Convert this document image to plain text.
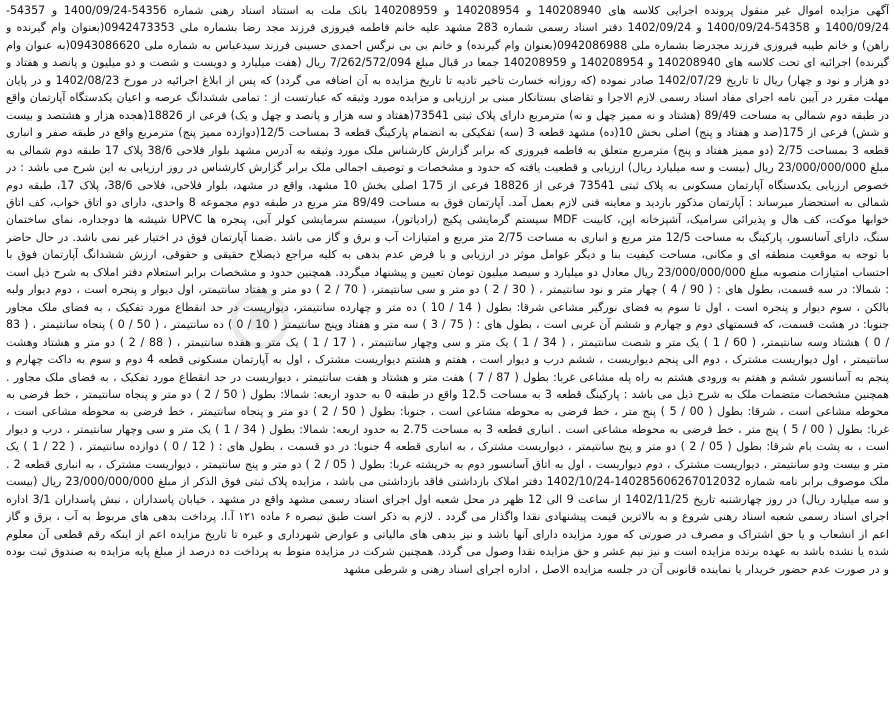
آگهی مزایده اموال غیر منقول پرونده اجرایی کلاسه های 140208940 و 140208954 و 140208959 بانک ملت به استناد اسناد رهنی شماره 54356-1400/09/24 و 54357-1400/09/24 و 54358-1400/09/24 و 1402/09/24 دفتر اسناد رسمی شماره 283 مشهد علیه خانم فاطمه فیروزی فرزند مجد رضا بشماره ملی 0942473353(بعنوان وام گیرنده و راهن) و خانم طیبه فیروزی فرزند مجدرضا بشماره ملی 0942086988(بعنوان وام گیرنده) و خانم بی بی نرگس احمدی حسینی فرزند سیدعباس به شماره ملی 0943086620(به عنوان وام گیرنده) اجرائیه ای تحت کلاسه های 140208940 و 140208954 و 140208959 جمعا در قبال مبلغ 7/262/572/094 ریال (هفت میلیارد و دویست و شصت و دو میلیون و پانصد و هفتاد و دو هزار و نود و چهار) ریال تا تاریخ 1402/07/29 صادر نموده (که روزانه خسارت تاخیر تادیه تا تاریخ مزایده به آن اضافه می گردد) که پس از ابلاغ اجرائیه در مورخ 1402/08/23 و در پایان مهلت مقرر در آیین نامه اجرای مفاد اسناد رسمی لازم الاجرا و تقاضای بستانکار مبنی بر ارزیابی و مزایده مورد وثیقه که عبارتست از : تمامی ششدانگ عرصه و اعیان یکدستگاه آپارتمان واقع در طبقه دوم شمالی به مساحت 89/49 (هشتاد و نه ممیز چهل و نه) مترمربع دارای پلاک ثبتی 73541(هفتاد و سه هزار و پانصد و چهل و یک) فرعی از 18826(هجده هزار و هشتصد و بیست و شش) فرعی از 175(صد و هفتاد و پنج) اصلی بخش 10(ده) مشهد قطعه 3 (سه) تفکیکی به انضمام پارکینگ قطعه 3 بمساحت 12/5(دوازده ممیز پنج) مترمربع واقع در طبقه صفر و انباری قطعه 3 بمساحت 2/75 (دو ممیز هفتاد و پنج) مترمربع متعلق به فاطمه فیروزی که برابر گزارش کارشناس ملک مورد وثیقه به آدرس مشهد بلوار فلاحی 38/6 پلاک 17 طبقه دوم شمالی به مبلغ 23/000/000/000 ریال (بیست و سه میلیارد ریال) ارزیابی و قطعیت یافته که حدود و مشخصات و توصیف اجمالی ملک برابر گزارش کارشناس در روز ارزیابی به این شرح می باشد : در خصوص ارزیابی یکدستگاه آپارتمان مسکونی به پلاک ثبتی 73541 فرعی از 18826 فرعی از 175 اصلی بخش 10 مشهد، واقع در مشهد، بلوار فلاحی، فلاحی 38/6، پلاک 17، طبقه دوم شمالی به استحضار میرساند : آپارتمان مذکور بازدید و معاینه فنی لازم بعمل آمد. آپارتمان فوق به مساحت 89/49 متر مربع در طبقه دوم مجموعه 8 واحدی، دارای دو اتاق خواب، کف اتاق خوابها موکت، کف هال و پذیرائی سرامیک، آشپزخانه اپن، کابینت MDF سیستم گرمایشی پکیج (رادیاتور)، سیستم سرمایشی کولر آبی، پنجره ها UPVC شیشه ها دوجداره، نمای ساختمان سنگ، دارای آسانسور، پارکینگ به مساحت 12/5 متر مربع و انباری به مساحت 2/75 متر مربع و امتیازات آب و برق و گاز می باشد .ضمنا آپارتمان فوق در اختیار غیر نمی باشد. در حال حاضر با توجه به موقعیت منطقه ای و مکانی، مساحت کیفیت بنا و دیگر عوامل موثر در ارزیابی و با فرض عدم بدهی به کلیه مراجع ذیصلاح حقیقی و حقوقی، ارزش ششدانگ آپارتمان فوق با احتساب امتیازات منصوبه مبلغ 23/000/000/000 ریال معادل دو میلیارد و سیصد میلیون تومان تعیین و پیشنهاد میگردد. همچنین حدود و مشخصات برابر استعلام دفتر املاک به شرح ذیل است : شمالا: در سه قسمت، بطول های : ( 90 / 4 ) چهار متر و نود سانتیمتر ، ( 30 / 2 ) دو متر و سی سانتیمتر، ( 70 / 2 ) دو متر و هفتاد سانتیمتر، اول دیوار و پنجره است ، دوم دیوار ولبه بالکن ، سوم دیوار و پنجره است ، اول تا سوم به فضای نورگیر مشاعی شرقا: بطول ( 14 / 10 ) ده متر و چهارده سانتیمتر، دیواریست در حد انقطاع مورد تفکیک ، به فضای ملک مجاور جنوبا: در هشت قسمت، که قسمتهای دوم و چهارم و ششم آن غربی است ، بطول های : ( 75 / 3 ) سه متر و هفتاد وپنج سانتیمتر ( 10 / 0 ) ده سانتیمتر ، ( 50 / 0 ) پنجاه سانتیمتر ، ( 83 / 0 ) هشتاد وسه سانتیمتر، ( 60 / 1 ) یک متر و شصت سانتیمتر ، ( 34 / 1 ) یک متر و سی وچهار سانتیمتر ، ( 17 / 1 ) یک متر و هفده سانتیمتر ، ( 88 / 2 ) دو متر و هشتاد وهشت سانتیمتر ، اول دیواریست مشترک ، دوم الی پنجم دیواریست ، ششم درب و دیوار است ، هفتم و هشتم دیواریست مشترک ، اول به آپارتمان مسکونی قطعه 4 دوم و سوم به داکت چهارم و پنجم به آسانسور ششم و هفتم به ورودی هشتم به راه پله مشاعی غربا: بطول ( 87 / 7 ) هفت متر و هشتاد و هفت سانتیمتر ، دیواریست در حد انقطاع مورد تفکیک ، به فضای ملک مجاور . همچنین مشخصات متضمات ملک به شرح ذیل می باشد : پارکینگ قطعه 3 به مساحت 12.5 واقع در طبقه 0 به حدود اربعه: شمالا: بطول ( 50 / 2 ) دو متر و پنجاه سانتیمتر ، خط فرضی به محوطه مشاعی است ، شرقا: بطول ( 00 / 5 ) پنج متر ، خط فرضی به محوطه مشاعی است ، جنوبا: بطول ( 50 / 2 ) دو متر و پنجاه سانتیمتر ، خط فرضی به محوطه مشاعی است ، غربا: بطول ( 00 / 5 ) پنج متر ، خط فرضی به محوطه مشاعی است . انباری قطعه 3 به مساحت 2.75 به حدود اربعه: شمالا: بطول ( 34 / 1 ) یک متر و سی وچهار سانتیمتر ، درب و دیوار است ، به پشت بام شرقا: بطول ( 05 / 2 ) دو متر و پنج سانتیمتر ، دیواریست مشترک ، به انباری قطعه 4 جنوبا: در دو قسمت ، بطول های : ( 12 / 0 ) دوازده سانتیمتر ، ( 22 / 1 ) یک متر و بیست ودو سانتیمتر ، دیواریست مشترک ، دوم دیواریست ، اول به اتاق آسانسور دوم به خرپشته غربا: بطول ( 05 / 2 ) دو متر و پنج سانتیمتر ، دیواریست مشترک ، به انباری قطعه 2 . ملک موصوف برابر نامه شماره 140285606267012032-1402/10/24 دفتر املاک بازداشتی فاقد بازداشتی می باشد ، مزایده پلاک ثبتی فوق الذکر از مبلغ 23/000/000/000 ریال (بیست و سه میلیارد ریال) در روز چهارشنبه تاریخ 1402/11/25 از ساعت 9 الی 12 ظهر در محل شعبه اول اجرای اسناد رسمی مشهد واقع در مشهد ، خیابان پاسداران ، نبش پاسداران 3/1 اداره اجرای اسناد رسمی شعبه اسناد رهنی شروع و به بالاترین قیمت پیشنهادی نقدا واگذار می گردد . لازم به ذکر است طبق تبصره ۶ ماده ۱۲۱ آ.ا. پرداخت بدهی های مربوط به آب ، برق و گاز اعم از انشعاب و یا حق اشتراک و مصرف در صورتی که مورد مزایده دارای آنها باشد و نیز بدهی های مالیاتی و عوارض شهرداری و غیره تا تاریخ مزایده اعم از اینکه رقم قطعی آن معلوم شده یا نشده باشد به عهده برنده مزایده است و نیز نیم عشر و حق مزایده نقدا وصول می گردد. همچنین شرکت در مزایده منوط به پرداخت ده درصد از مبلغ پایه مزایده به صندوق ثبت بوده و در صورت عدم حضور خریدار یا نماینده قانونی آن در جلسه مزایده الاصل ، اداره اجرای اسناد رهنی و شرطی مشهد
